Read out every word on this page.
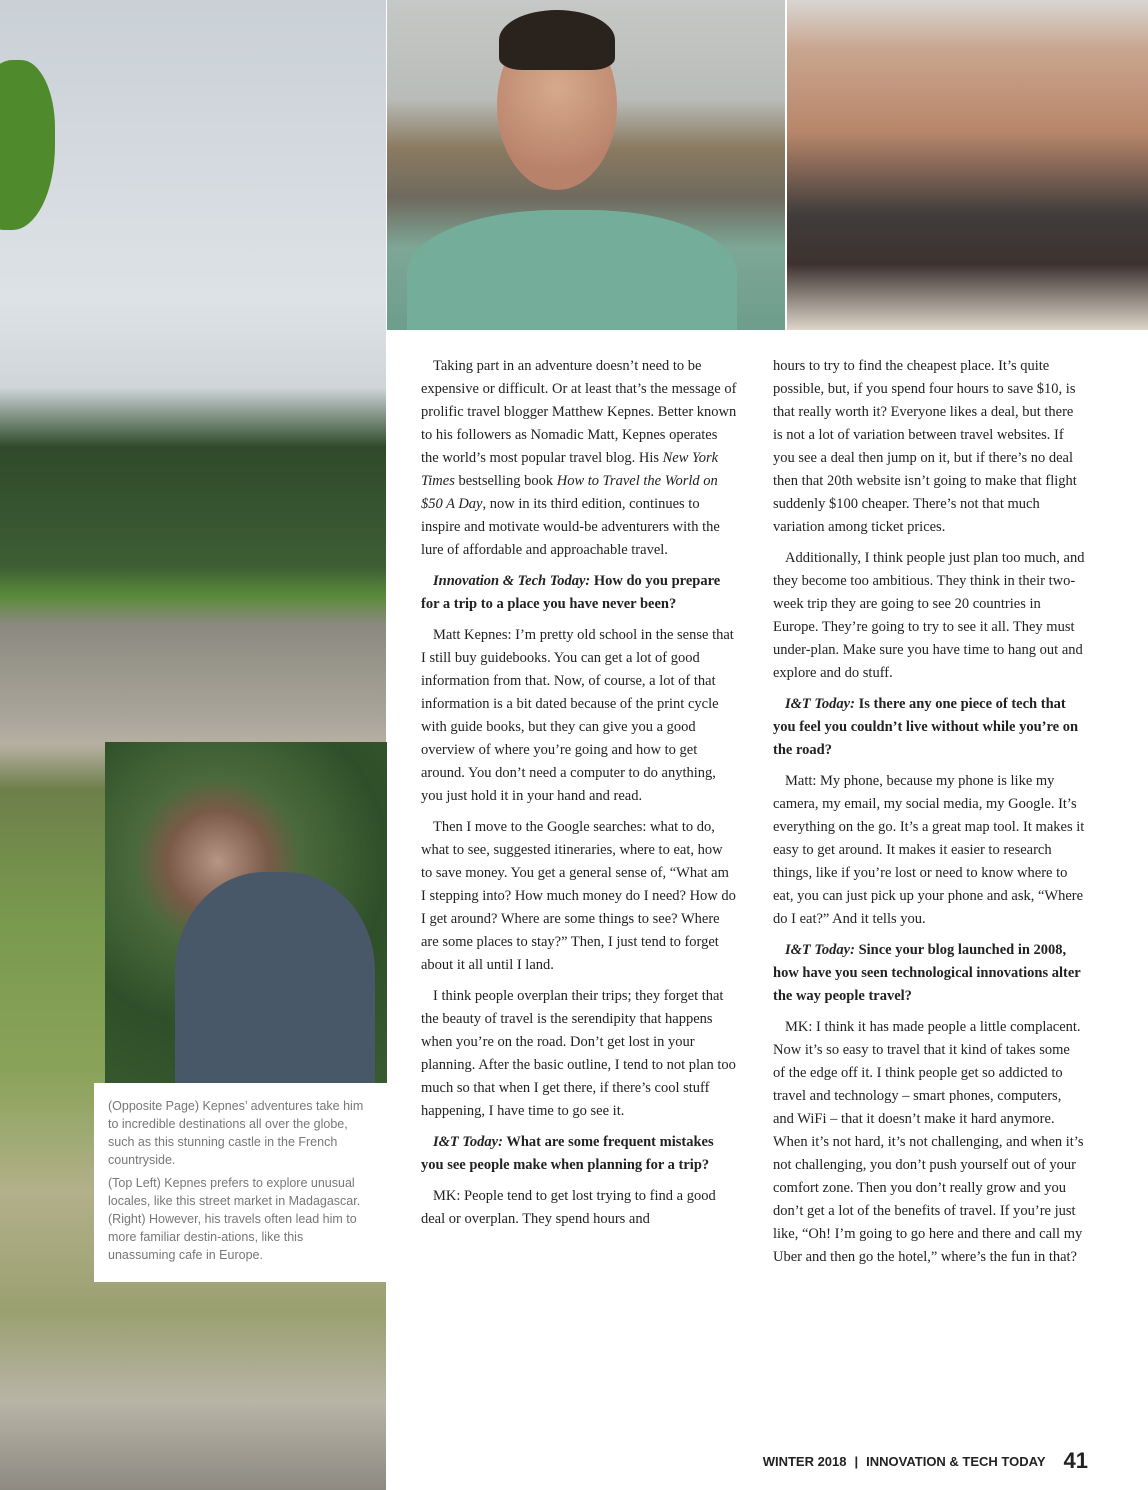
(Opposite Page) Kepnes’ adventures take him to incredible destinations all over the globe, such as this stunning castle in the French countryside.

(Top Left) Kepnes prefers to explore unusual locales, like this street market in Madagascar. (Right) However, his travels often lead him to more familiar destin-ations, like this unassuming cafe in Europe.

Taking part in an adventure doesn’t need to be expensive or difficult. Or at least that’s the message of prolific travel blogger Matthew Kepnes. Better known to his followers as Nomadic Matt, Kepnes operates the world’s most popular travel blog. His New York Times bestselling book How to Travel the World on $50 A Day, now in its third edition, continues to inspire and motivate would-be adventurers with the lure of affordable and approachable travel.

Innovation & Tech Today: How do you prepare for a trip to a place you have never been?

Matt Kepnes: I’m pretty old school in the sense that I still buy guidebooks. You can get a lot of good information from that. Now, of course, a lot of that information is a bit dated because of the print cycle with guide books, but they can give you a good overview of where you’re going and how to get around. You don’t need a computer to do anything, you just hold it in your hand and read.

Then I move to the Google searches: what to do, what to see, suggested itineraries, where to eat, how to save money. You get a general sense of, “What am I stepping into? How much money do I need? How do I get around? Where are some things to see? Where are some places to stay?” Then, I just tend to forget about it all until I land.

I think people overplan their trips; they forget that the beauty of travel is the serendipity that happens when you’re on the road. Don’t get lost in your planning. After the basic outline, I tend to not plan too much so that when I get there, if there’s cool stuff happening, I have time to go see it.

I&T Today: What are some frequent mistakes you see people make when planning for a trip?

MK: People tend to get lost trying to find a good deal or overplan. They spend hours and

hours to try to find the cheapest place. It’s quite possible, but, if you spend four hours to save $10, is that really worth it? Everyone likes a deal, but there is not a lot of variation between travel websites. If you see a deal then jump on it, but if there’s no deal then that 20th website isn’t going to make that flight suddenly $100 cheaper. There’s not that much variation among ticket prices.

Additionally, I think people just plan too much, and they become too ambitious. They think in their two-week trip they are going to see 20 countries in Europe. They’re going to try to see it all. They must under-plan. Make sure you have time to hang out and explore and do stuff.

I&T Today: Is there any one piece of tech that you feel you couldn’t live without while you’re on the road?

Matt: My phone, because my phone is like my camera, my email, my social media, my Google. It’s everything on the go. It’s a great map tool. It makes it easy to get around. It makes it easier to research things, like if you’re lost or need to know where to eat, you can just pick up your phone and ask, “Where do I eat?” And it tells you.

I&T Today: Since your blog launched in 2008, how have you seen technological innovations alter the way people travel?

MK: I think it has made people a little complacent. Now it’s so easy to travel that it kind of takes some of the edge off it. I think people get so addicted to travel and technology – smart phones, computers, and WiFi – that it doesn’t make it hard anymore. When it’s not hard, it’s not challenging, and when it’s not challenging, you don’t push yourself out of your comfort zone. Then you don’t really grow and you don’t get a lot of the benefits of travel. If you’re just like, “Oh! I’m going to go here and there and call my Uber and then go the hotel,” where’s the fun in that?

WINTER 2018 | INNOVATION & TECH TODAY 41
